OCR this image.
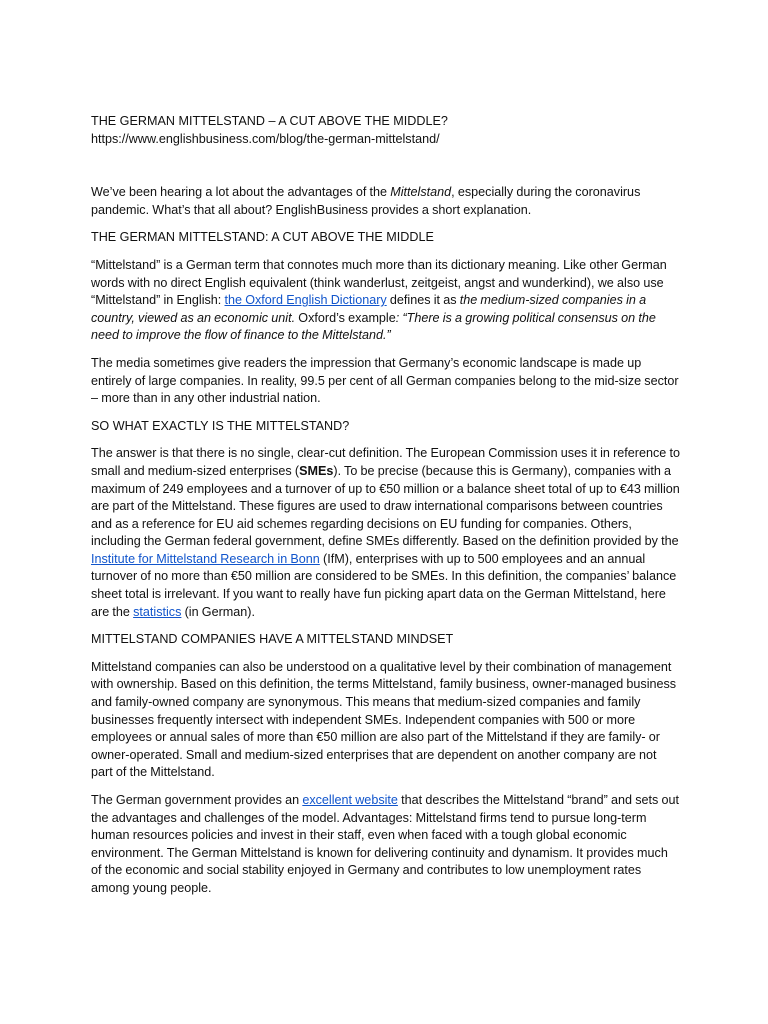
THE GERMAN MITTELSTAND – A CUT ABOVE THE MIDDLE?
https://www.englishbusiness.com/blog/the-german-mittelstand/

We’ve been hearing a lot about the advantages of the Mittelstand, especially during the coronavirus pandemic. What’s that all about? EnglishBusiness provides a short explanation.

THE GERMAN MITTELSTAND: A CUT ABOVE THE MIDDLE

“Mittelstand” is a German term that connotes much more than its dictionary meaning. Like other German words with no direct English equivalent (think wanderlust, zeitgeist, angst and wunderkind), we also use “Mittelstand” in English: the Oxford English Dictionary defines it as the medium-sized companies in a country, viewed as an economic unit. Oxford’s example: “There is a growing political consensus on the need to improve the flow of finance to the Mittelstand.”

The media sometimes give readers the impression that Germany’s economic landscape is made up entirely of large companies. In reality, 99.5 per cent of all German companies belong to the mid-size sector – more than in any other industrial nation.

SO WHAT EXACTLY IS THE MITTELSTAND?

The answer is that there is no single, clear-cut definition. The European Commission uses it in reference to small and medium-sized enterprises (SMEs). To be precise (because this is Germany), companies with a maximum of 249 employees and a turnover of up to €50 million or a balance sheet total of up to €43 million are part of the Mittelstand. These figures are used to draw international comparisons between countries and as a reference for EU aid schemes regarding decisions on EU funding for companies. Others, including the German federal government, define SMEs differently. Based on the definition provided by the Institute for Mittelstand Research in Bonn (IfM), enterprises with up to 500 employees and an annual turnover of no more than €50 million are considered to be SMEs. In this definition, the companies’ balance sheet total is irrelevant. If you want to really have fun picking apart data on the German Mittelstand, here are the statistics (in German).

MITTELSTAND COMPANIES HAVE A MITTELSTAND MINDSET

Mittelstand companies can also be understood on a qualitative level by their combination of management with ownership. Based on this definition, the terms Mittelstand, family business, owner-managed business and family-owned company are synonymous. This means that medium-sized companies and family businesses frequently intersect with independent SMEs. Independent companies with 500 or more employees or annual sales of more than €50 million are also part of the Mittelstand if they are family- or owner-operated. Small and medium-sized enterprises that are dependent on another company are not part of the Mittelstand.

The German government provides an excellent website that describes the Mittelstand “brand” and sets out the advantages and challenges of the model. Advantages: Mittelstand firms tend to pursue long-term human resources policies and invest in their staff, even when faced with a tough global economic environment. The German Mittelstand is known for delivering continuity and dynamism. It provides much of the economic and social stability enjoyed in Germany and contributes to low unemployment rates among young people.
